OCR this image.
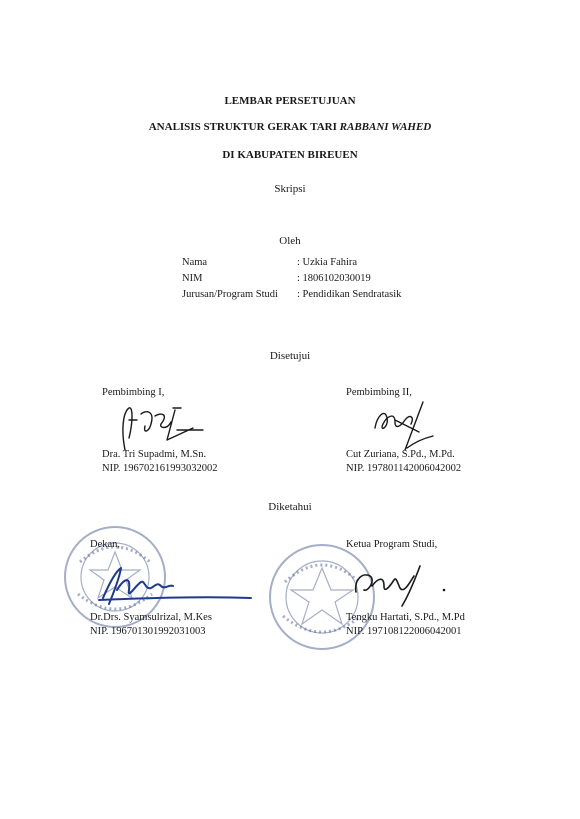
LEMBAR PERSETUJUAN
ANALISIS STRUKTUR GERAK TARI RABBANI WAHED
DI KABUPATEN BIREUEN
Skripsi
Oleh
Nama	: Uzkia Fahira
NIM	: 1806102030019
Jurusan/Program Studi : Pendidikan Sendratasik
Disetujui
Pembimbing I,	Pembimbing II,
Dra. Tri Supadmi, M.Sn.
NIP. 196702161993032002
Cut Zuriana, S.Pd., M.Pd.
NIP. 197801142006042002
Diketahui
Dekan,	Ketua Program Studi,
Dr.Drs. Syamsulrizal, M.Kes
NIP. 196701301992031003
Tengku Hartati, S.Pd., M.Pd
NIP. 197108122006042001
